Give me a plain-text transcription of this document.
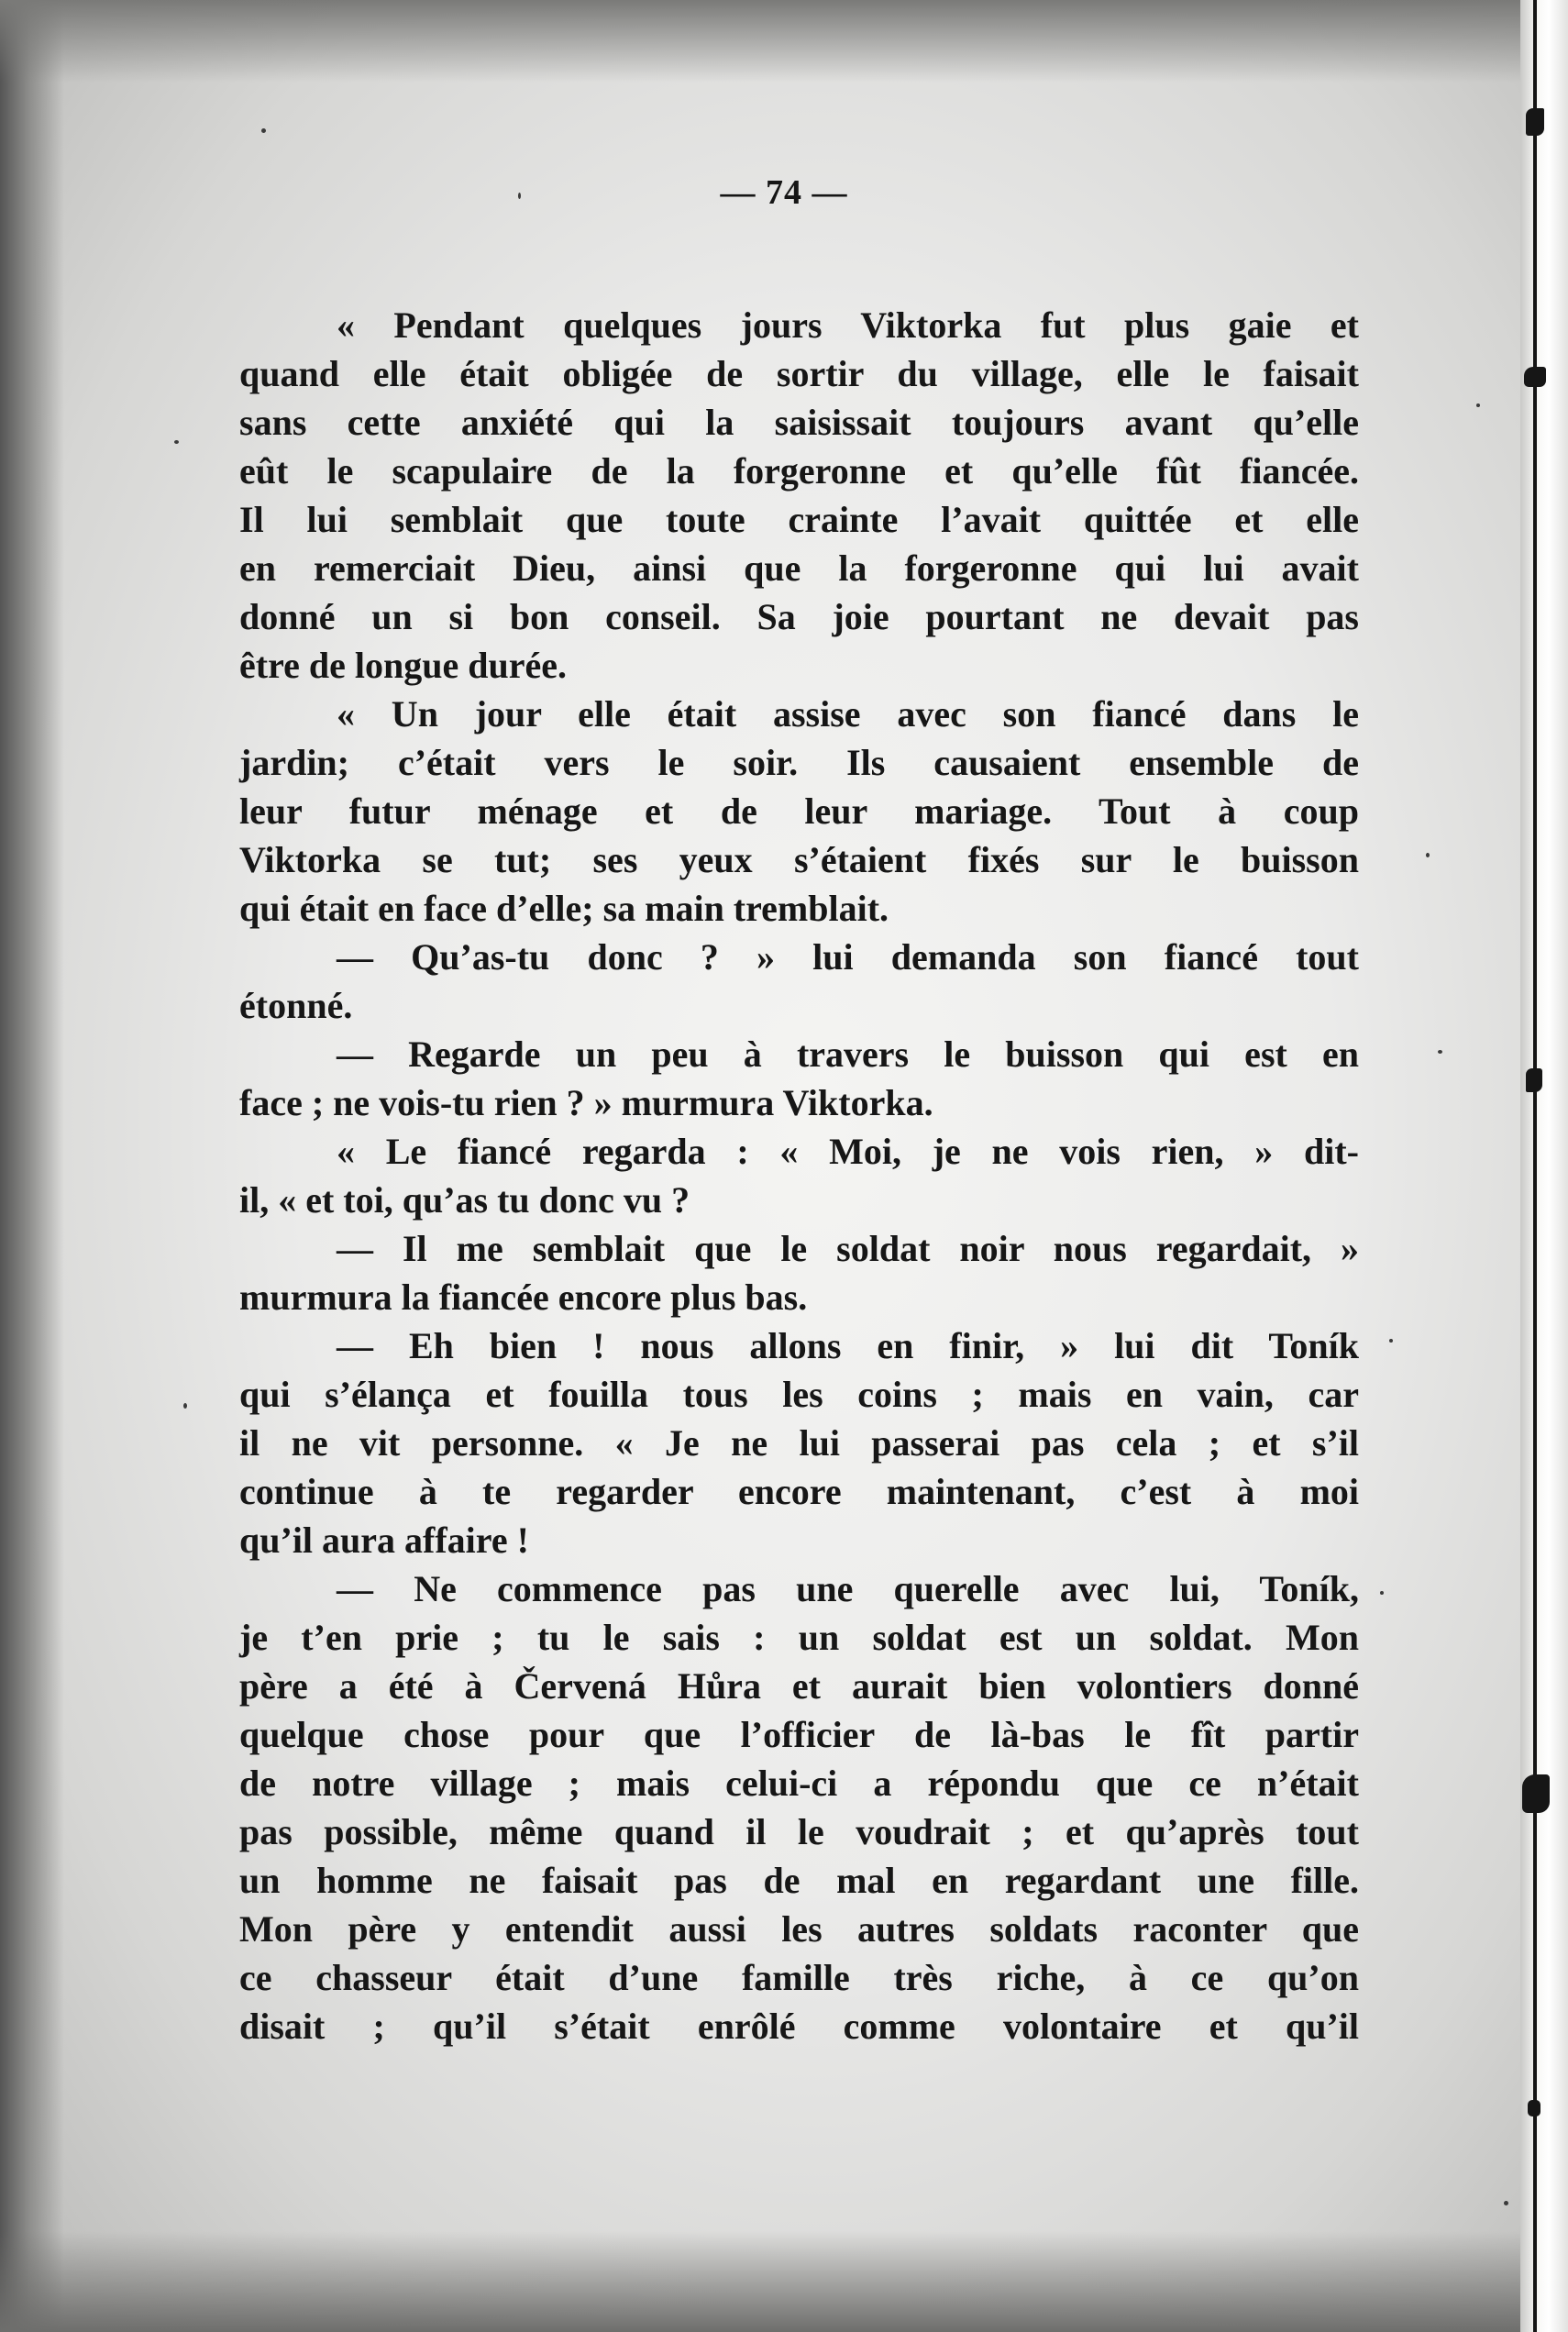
— 74 —
« Pendant quelques jours Viktorka fut plus gaie et
quand elle était obligée de sortir du village, elle le faisait
sans cette anxiété qui la saisissait toujours avant qu’elle
eût le scapulaire de la forgeronne et qu’elle fût fiancée.
Il lui semblait que toute crainte l’avait quittée et elle
en remerciait Dieu, ainsi que la forgeronne qui lui avait
donné un si bon conseil. Sa joie pourtant ne devait pas
être de longue durée.
« Un jour elle était assise avec son fiancé dans le
jardin; c’était vers le soir. Ils causaient ensemble de
leur futur ménage et de leur mariage. Tout à coup
Viktorka se tut; ses yeux s’étaient fixés sur le buisson
qui était en face d’elle; sa main tremblait.
— Qu’as-tu donc ? » lui demanda son fiancé tout
étonné.
— Regarde un peu à travers le buisson qui est en
face ; ne vois-tu rien ? » murmura Viktorka.
« Le fiancé regarda : « Moi, je ne vois rien, » dit-
il, « et toi, qu’as tu donc vu ?
— Il me semblait que le soldat noir nous regardait, »
murmura la fiancée encore plus bas.
— Eh bien ! nous allons en finir, » lui dit Toník
qui s’élança et fouilla tous les coins ; mais en vain, car
il ne vit personne. « Je ne lui passerai pas cela ; et s’il
continue à te regarder encore maintenant, c’est à moi
qu’il aura affaire !
— Ne commence pas une querelle avec lui, Toník,
je t’en prie ; tu le sais : un soldat est un soldat. Mon
père a été à Červená Hůra et aurait bien volontiers donné
quelque chose pour que l’officier de là-bas le fît partir
de notre village ; mais celui-ci a répondu que ce n’était
pas possible, même quand il le voudrait ; et qu’après tout
un homme ne faisait pas de mal en regardant une fille.
Mon père y entendit aussi les autres soldats raconter que
ce chasseur était d’une famille très riche, à ce qu’on
disait ; qu’il s’était enrôlé comme volontaire et qu’il
